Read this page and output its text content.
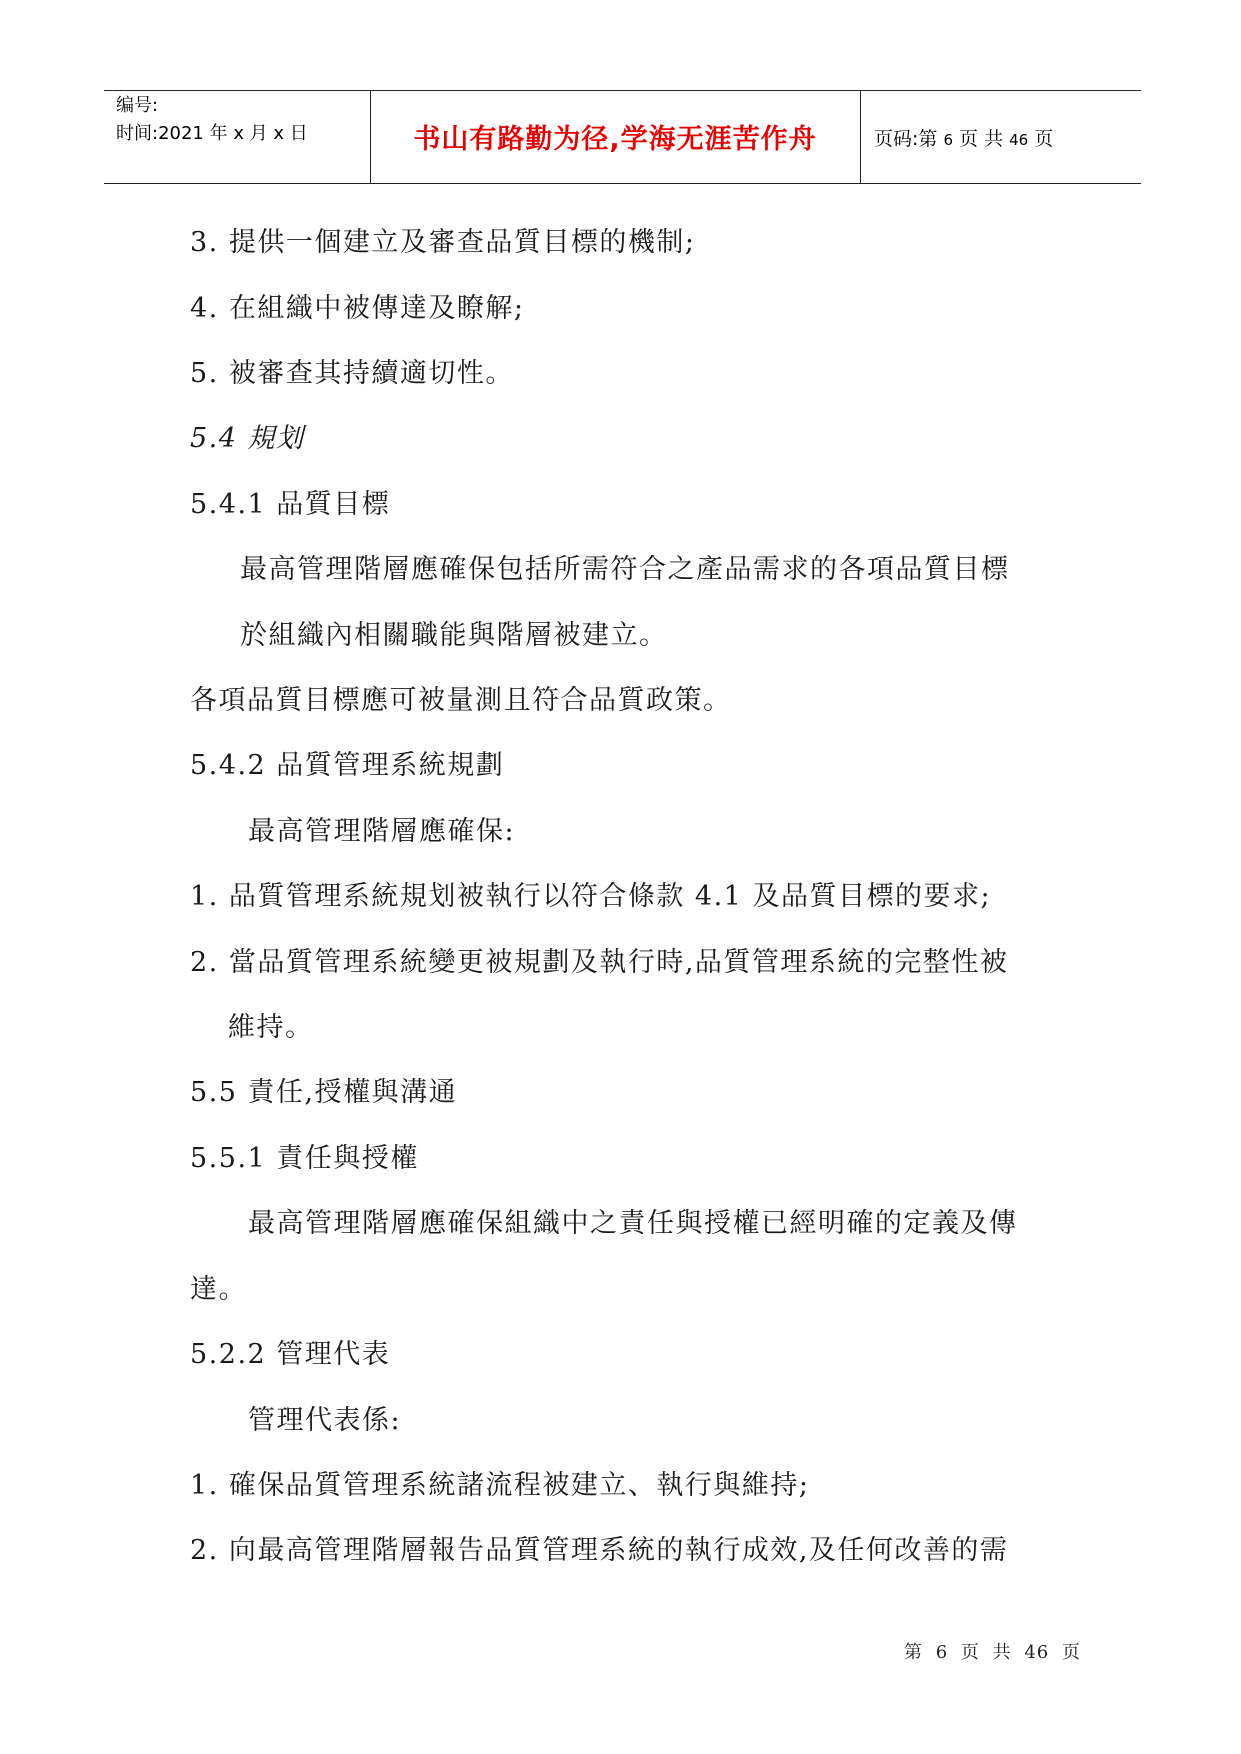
编号:
时间:2021 年 x 月 x 日	书山有路勤为径,学海无涯苦作舟	页码:第 6 页 共 46 页
3. 提供一個建立及審查品質目標的機制;
4. 在組織中被傳達及瞭解;
5. 被審查其持續適切性。
5.4 規划
5.4.1 品質目標
最高管理階層應確保包括所需符合之產品需求的各項品質目標
於組織內相關職能與階層被建立。
各項品質目標應可被量測且符合品質政策。
5.4.2 品質管理系統規劃
最高管理階層應確保:
1. 品質管理系統規划被執行以符合條款 4.1 及品質目標的要求;
2. 當品質管理系統變更被規劃及執行時,品質管理系統的完整性被
維持。
5.5 責任,授權與溝通
5.5.1 責任與授權
最高管理階層應確保組織中之責任與授權已經明確的定義及傳
達。
5.2.2 管理代表
管理代表係:
1. 確保品質管理系統諸流程被建立、執行與維持;
2. 向最高管理階層報告品質管理系統的執行成效,及任何改善的需
第 6 页 共 46 页
